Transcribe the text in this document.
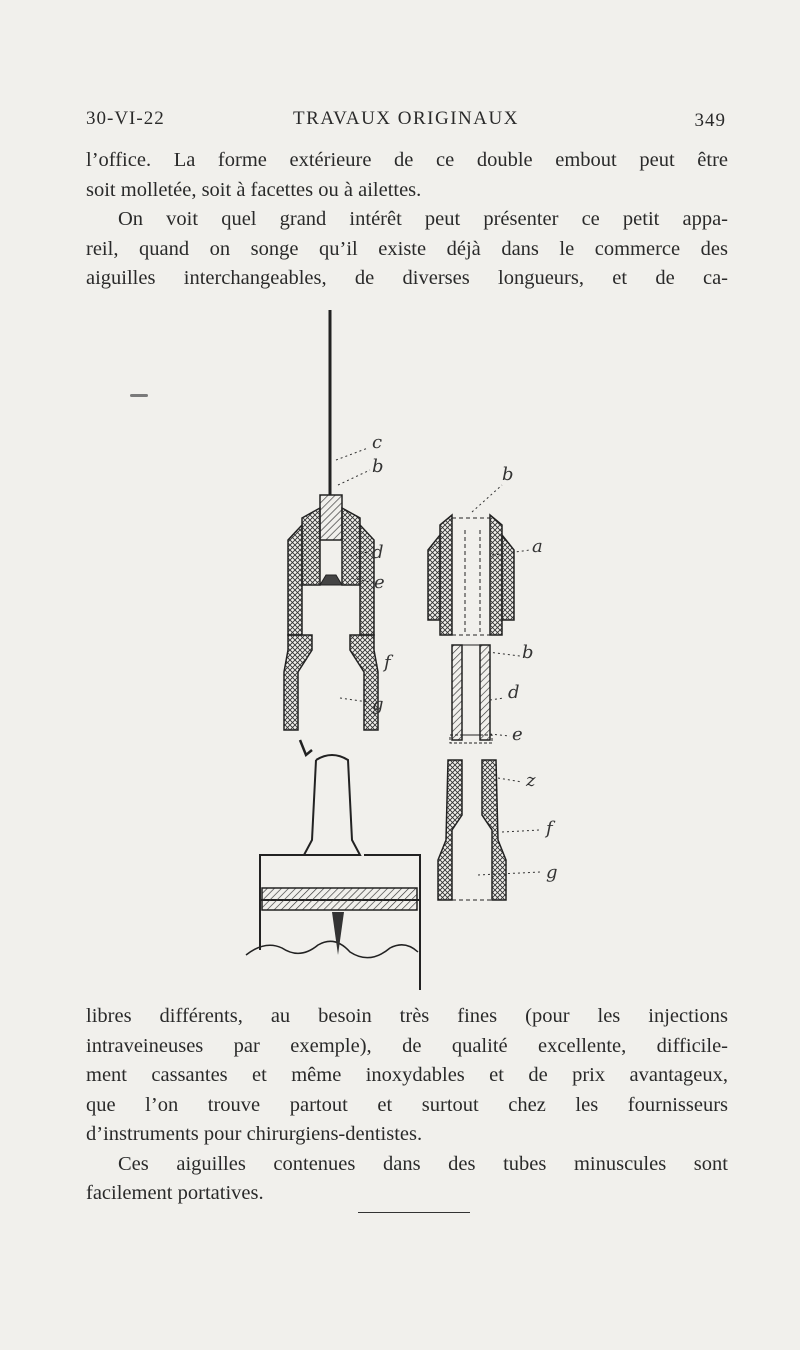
30-VI-22	TRAVAUX ORIGINAUX	349

l’office. La forme extérieure de ce double embout peut être
soit molletée, soit à facettes ou à ailettes.

On voit quel grand intérêt peut présenter ce petit appa-
reil, quand on songe qu’il existe déjà dans le commerce des
aiguilles interchangeables, de diverses longueurs, et de ca-

c
b
d
e
f
g
b
a
b
d
e
z
f
g

libres différents, au besoin très fines (pour les injections
intraveineuses par exemple), de qualité excellente, difficile-
ment cassantes et même inoxydables et de prix avantageux,
que l’on trouve partout et surtout chez les fournisseurs
d’instruments pour chirurgiens-dentistes.

Ces aiguilles contenues dans des tubes minuscules sont
facilement portatives.
